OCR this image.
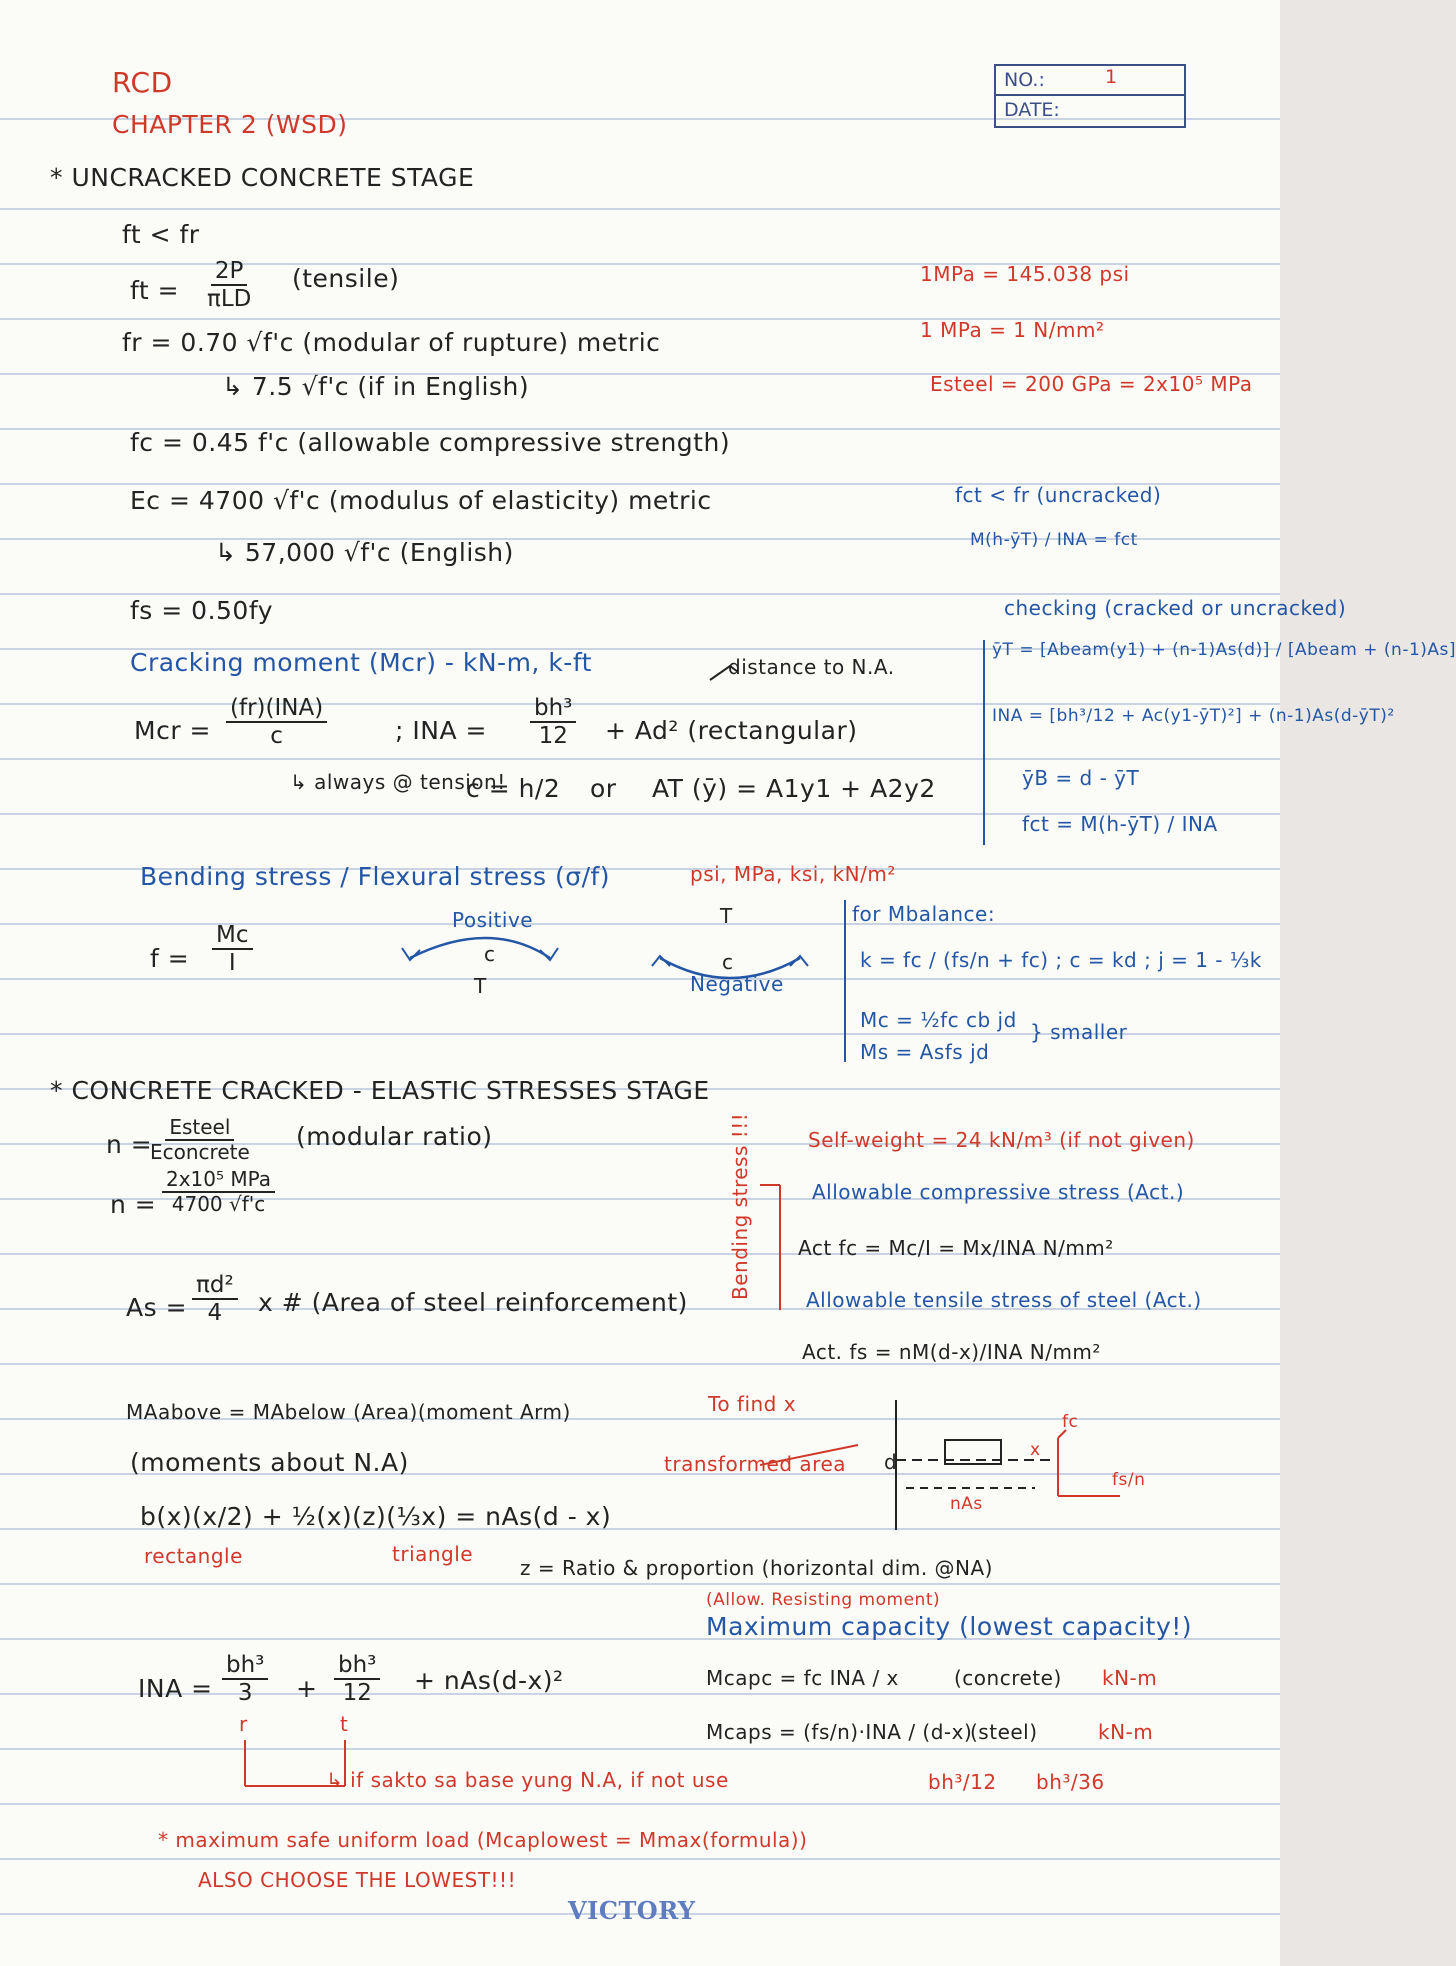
RCD
CHAPTER 2 (WSD)
NO.:	1
DATE:
* UNCRACKED CONCRETE STAGE
ft < fr
ft =
2P
πLD
(tensile)
fr = 0.70 √f'c (modular of rupture) metric
↳ 7.5 √f'c (if in English)
fc = 0.45 f'c (allowable compressive strength)
Ec = 4700 √f'c (modulus of elasticity) metric
↳ 57,000 √f'c (English)
fs = 0.50fy
1MPa = 145.038 psi
1 MPa = 1 N/mm²
Esteel = 200 GPa = 2x10⁵ MPa
fct < fr (uncracked)
M(h-ȳT) / INA = fct
checking (cracked or uncracked)
Cracking moment (Mcr) - kN-m, k-ft	distance to N.A.
Mcr =
(fr)(INA)
c	; INA = $\frac{\text{bh³}}{12} + Ad^2$ (rectangular)
↳ always @ tension!
c = h/2 or AT (ȳ) = A1y1 + A2y2
ȳT = [Abeam(y1) + (n-1)As(d)] / [Abeam + (n-1)As]
INA = [bh³/12 + Ac(y1-ȳT)²] + (n-1)As(d-ȳT)²
ȳB = d - ȳT
fct = M(h-ȳT) / INA
Bending stress / Flexural stress (σ/f)	psi, MPa, ksi, kN/m²
$f = \frac{Mc}{I}$
Positive
c
T
T
c
Negative
for Mbalance:
k = fc / (fs/n + fc) ; c = kd ; j = 1 - ⅓k
Mc = ½fc cb jd
Ms = Asfs jd
} smaller
* CONCRETE CRACKED - ELASTIC STRESSES STAGE
n =
Esteel
Econcrete
(modular ratio)
n =
2x10⁵ MPa
4700 √f'c
$As = \frac{\text{πd²}}{4}$ x # (Area of steel reinforcement)
Self-weight = 24 kN/m³ (if not given)
Bending stress !!!	Allowable compressive stress (Act.)
Act fc = Mc/I = Mx/INA N/mm²
Allowable tensile stress of steel (Act.)
Act. fs = nM(d-x)/INA N/mm²
MAabove = MAbelow (Area)(moment Arm)	To find x
(moments about N.A)	transformed area
b(x)(x/2) + ½(x)(z)(⅓x) = nAs(d - x)
rectangle	triangle
fc
fs/n
nAs
x
d
z = Ratio & proportion (horizontal dim. @NA)
(Allow. Resisting moment)
Maximum capacity (lowest capacity!)
INA = $\frac{\text{bh³}}{3} + \frac{\text{bh³}}{12} + nAs(d-x)^2$
r	t
↳ if sakto sa base yung N.A, if not use	bh³/12 bh³/36
Mcapc = fc INA / x	(concrete) kN-m
Mcaps = (fs/n)·INA / (d-x)
(steel)	kN-m
* maximum safe uniform load (Mcaplowest = Mmax(formula))
ALSO CHOOSE THE LOWEST!!!
VICTORY
